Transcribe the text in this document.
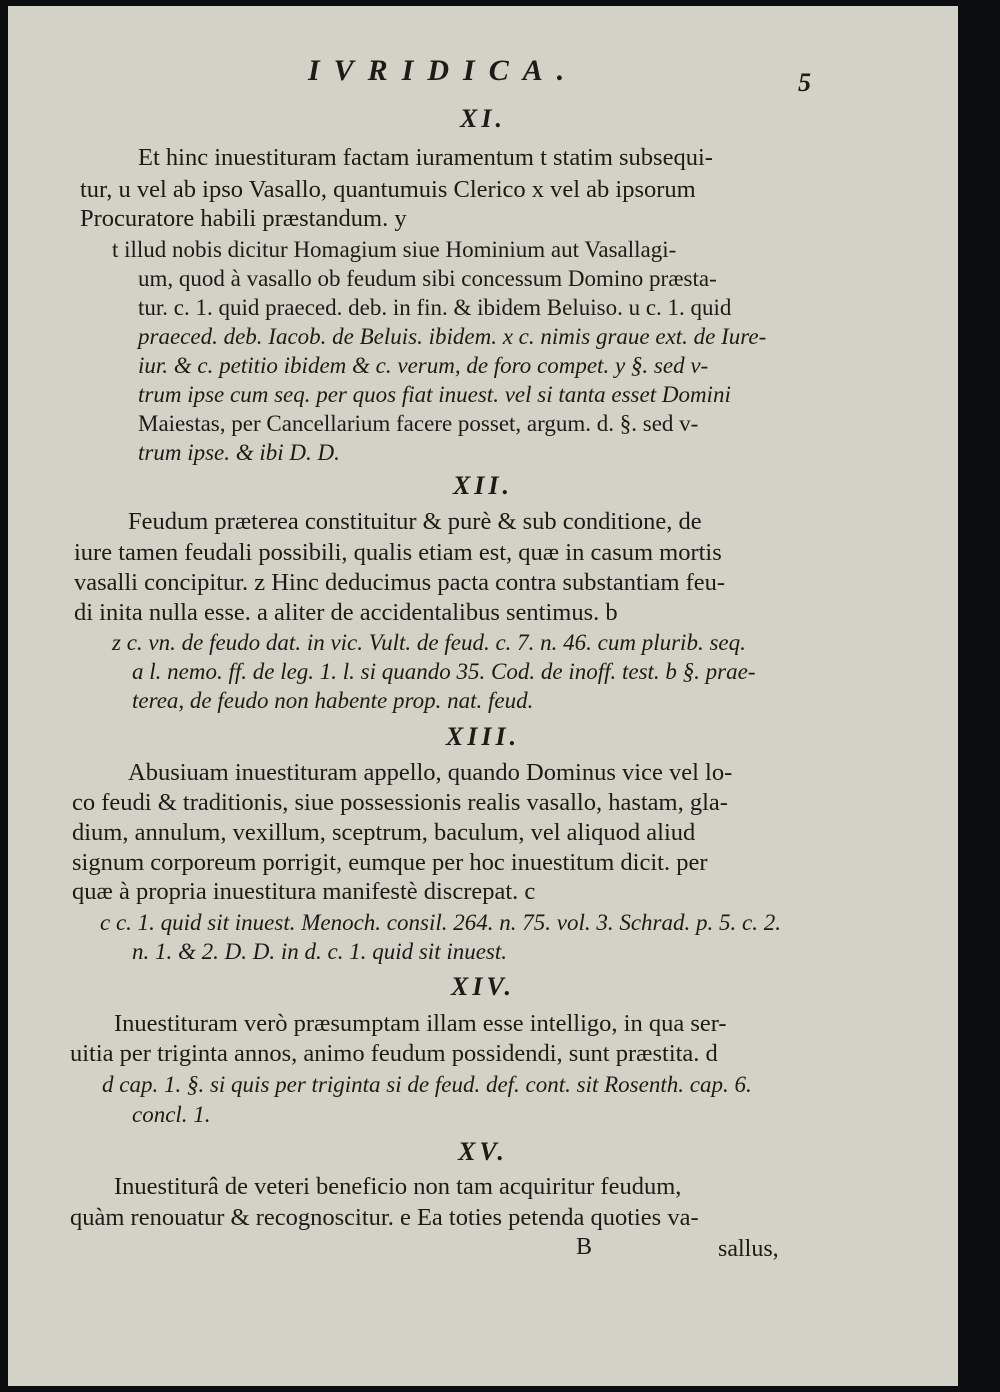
IVRIDICA.	5
XI.
Et hinc inuestituram factam iuramentum t statim subsequi-
tur, u vel ab ipso Vasallo, quantumuis Clerico x vel ab ipsorum
Procuratore habili præstandum. y
t illud nobis dicitur Homagium siue Hominium aut Vasallagi-
um, quod à vasallo ob feudum sibi concessum Domino præsta-
tur. c. 1. quid praeced. deb. in fin. & ibidem Beluiso. u c. 1. quid
praeced. deb. Iacob. de Beluis. ibidem. x c. nimis graue ext. de Iure-
iur. & c. petitio ibidem & c. verum, de foro compet. y §. sed v-
trum ipse cum seq. per quos fiat inuest. vel si tanta esset Domini
Maiestas, per Cancellarium facere posset, argum. d. §. sed v-
trum ipse. & ibi D. D.
XII.
Feudum præterea constituitur & purè & sub conditione, de
iure tamen feudali possibili, qualis etiam est, quæ in casum mortis
vasalli concipitur. z Hinc deducimus pacta contra substantiam feu-
di inita nulla esse. a aliter de accidentalibus sentimus. b
z c. vn. de feudo dat. in vic. Vult. de feud. c. 7. n. 46. cum plurib. seq.
a l. nemo. ff. de leg. 1. l. si quando 35. Cod. de inoff. test. b §. prae-
terea, de feudo non habente prop. nat. feud.
XIII.
Abusiuam inuestituram appello, quando Dominus vice vel lo-
co feudi & traditionis, siue possessionis realis vasallo, hastam, gla-
dium, annulum, vexillum, sceptrum, baculum, vel aliquod aliud
signum corporeum porrigit, eumque per hoc inuestitum dicit. per
quæ à propria inuestitura manifestè discrepat. c
c c. 1. quid sit inuest. Menoch. consil. 264. n. 75. vol. 3. Schrad. p. 5. c. 2.
n. 1. & 2. D. D. in d. c. 1. quid sit inuest.
XIV.
Inuestituram verò præsumptam illam esse intelligo, in qua ser-
uitia per triginta annos, animo feudum possidendi, sunt præstita. d
d cap. 1. §. si quis per triginta si de feud. def. cont. sit Rosenth. cap. 6.
concl. 1.
XV.
Inuestiturâ de veteri beneficio non tam acquiritur feudum,
quàm renouatur & recognoscitur. e Ea toties petenda quoties va-
B	sallus,
